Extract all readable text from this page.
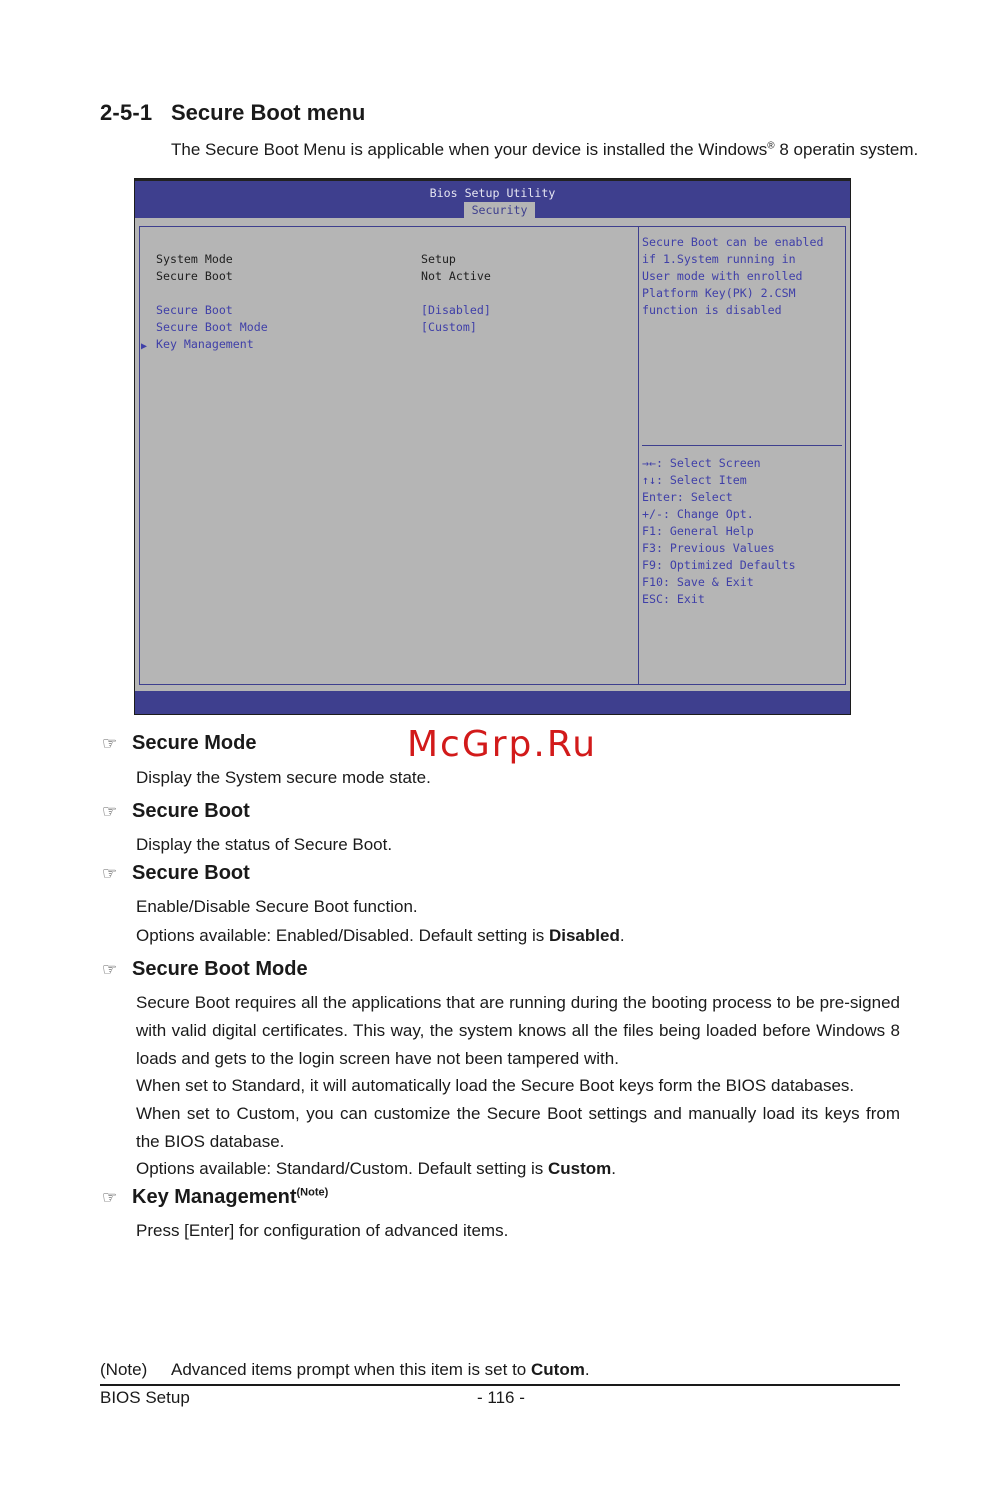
2-5-1 Secure Boot menu
The Secure Boot Menu is applicable when your device is installed the Windows® 8 operatin system.
Bios Setup Utility
Security
System Mode	Setup
Secure Boot	Not Active
Secure Boot	[Disabled]
Secure Boot Mode	[Custom]
▶ Key Management
Secure Boot can be enabled
if 1.System running in
User mode with enrolled
Platform Key(PK) 2.CSM
function is disabled
→←: Select Screen
↑↓: Select Item
Enter: Select
+/-: Change Opt.
F1: General Help
F3: Previous Values
F9: Optimized Defaults
F10: Save & Exit
ESC: Exit
McGrp.Ru
☞ Secure Mode
Display the System secure mode state.
☞ Secure Boot
Display the status of Secure Boot.
☞ Secure Boot
Enable/Disable Secure Boot function.
Options available: Enabled/Disabled. Default setting is Disabled.
☞ Secure Boot Mode
Secure Boot requires all the applications that are running during the booting process to be pre-signed with valid digital certificates. This way, the system knows all the files being loaded before Windows 8 loads and gets to the login screen have not been tampered with.
When set to Standard, it will automatically load the Secure Boot keys form the BIOS databases.
When set to Custom, you can customize the Secure Boot settings and manually load its keys from the BIOS database.
Options available: Standard/Custom. Default setting is Custom.
☞ Key Management$^{(Note)}$
Press [Enter] for configuration of advanced items.
(Note) Advanced items prompt when this item is set to Cutom.
BIOS Setup	- 116 -
